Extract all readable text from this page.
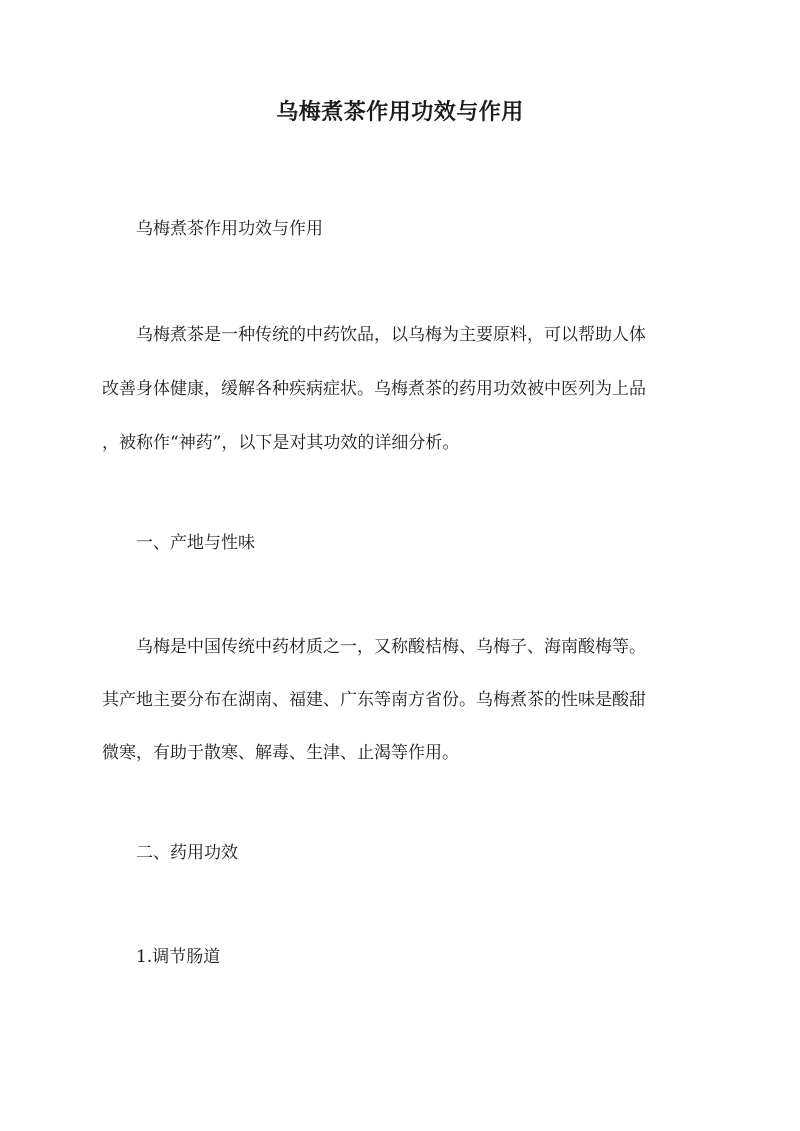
乌梅煮茶作用功效与作用
乌梅煮茶作用功效与作用
乌梅煮茶是一种传统的中药饮品，以乌梅为主要原料，可以帮助人体
改善身体健康，缓解各种疾病症状。乌梅煮茶的药用功效被中医列为上品
，被称作“神药”，以下是对其功效的详细分析。
一、产地与性味
乌梅是中国传统中药材质之一，又称酸桔梅、乌梅子、海南酸梅等。
其产地主要分布在湖南、福建、广东等南方省份。乌梅煮茶的性味是酸甜
微寒，有助于散寒、解毒、生津、止渴等作用。
二、药用功效
1.调节肠道
